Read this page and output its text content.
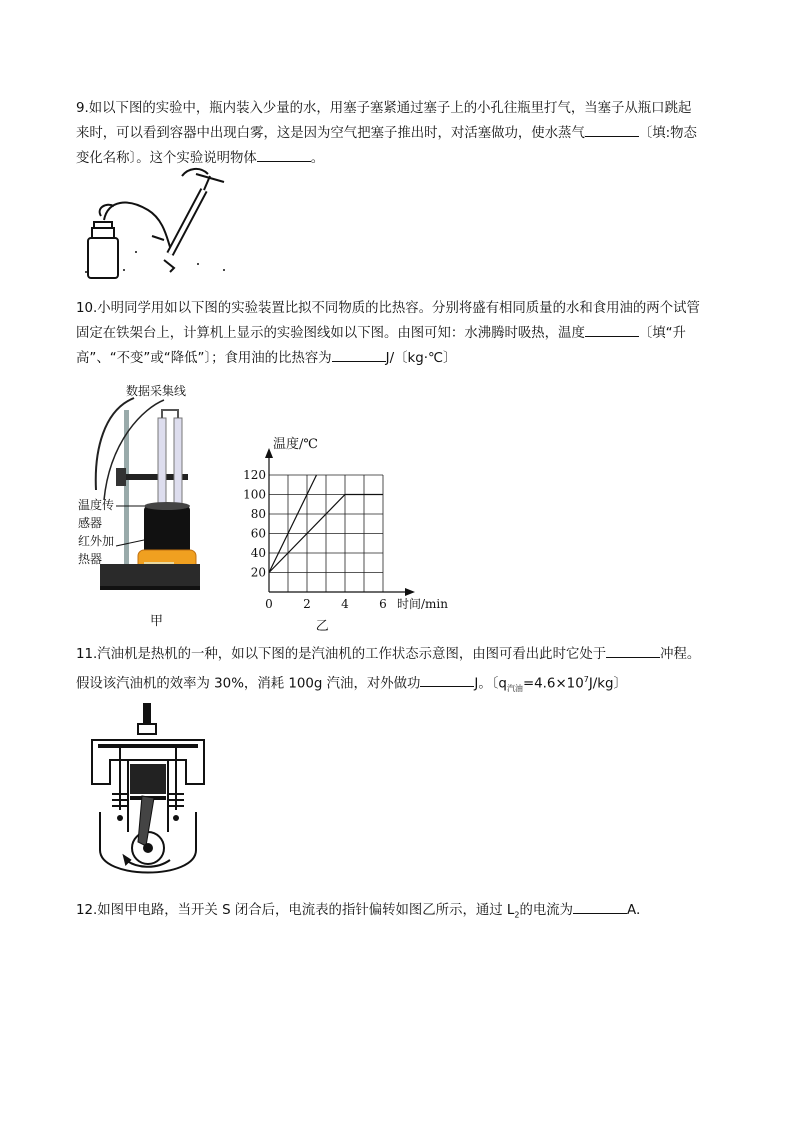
9.如以下图的实验中，瓶内装入少量的水，用塞子塞紧通过塞子上的小孔往瓶里打气，当塞子从瓶口跳起
来时，可以看到容器中出现白雾，这是因为空气把塞子推出时，对活塞做功，使水蒸气	〔填:物态
变化名称〕。这个实验说明物体	。
10.小明同学用如以下图的实验装置比拟不同物质的比热容。分别将盛有相同质量的水和食用油的两个试管
固定在铁架台上，计算机上显示的实验图线如以下图。由图可知：水沸腾时吸热，温度	〔填“升
高”、“不变”或“降低”〕；食用油的比热容为	J/〔kg·℃〕
数据采集线
温度传
感器
红外加
热器
甲
20
40
60
80
100
120
0	2	4	6
温度/℃
时间/min
乙
11.汽油机是热机的一种，如以下图的是汽油机的工作状态示意图，由图可看出此时它处于	冲程。
假设该汽油机的效率为 30%，消耗 100g 汽油，对外做功	J。〔$q_{汽油}=4.6\times 10^7J/kg$〕
12.如图甲电路，当开关 S 闭合后，电流表的指针偏转如图乙所示，通过 $L_2$的电流为	A．
